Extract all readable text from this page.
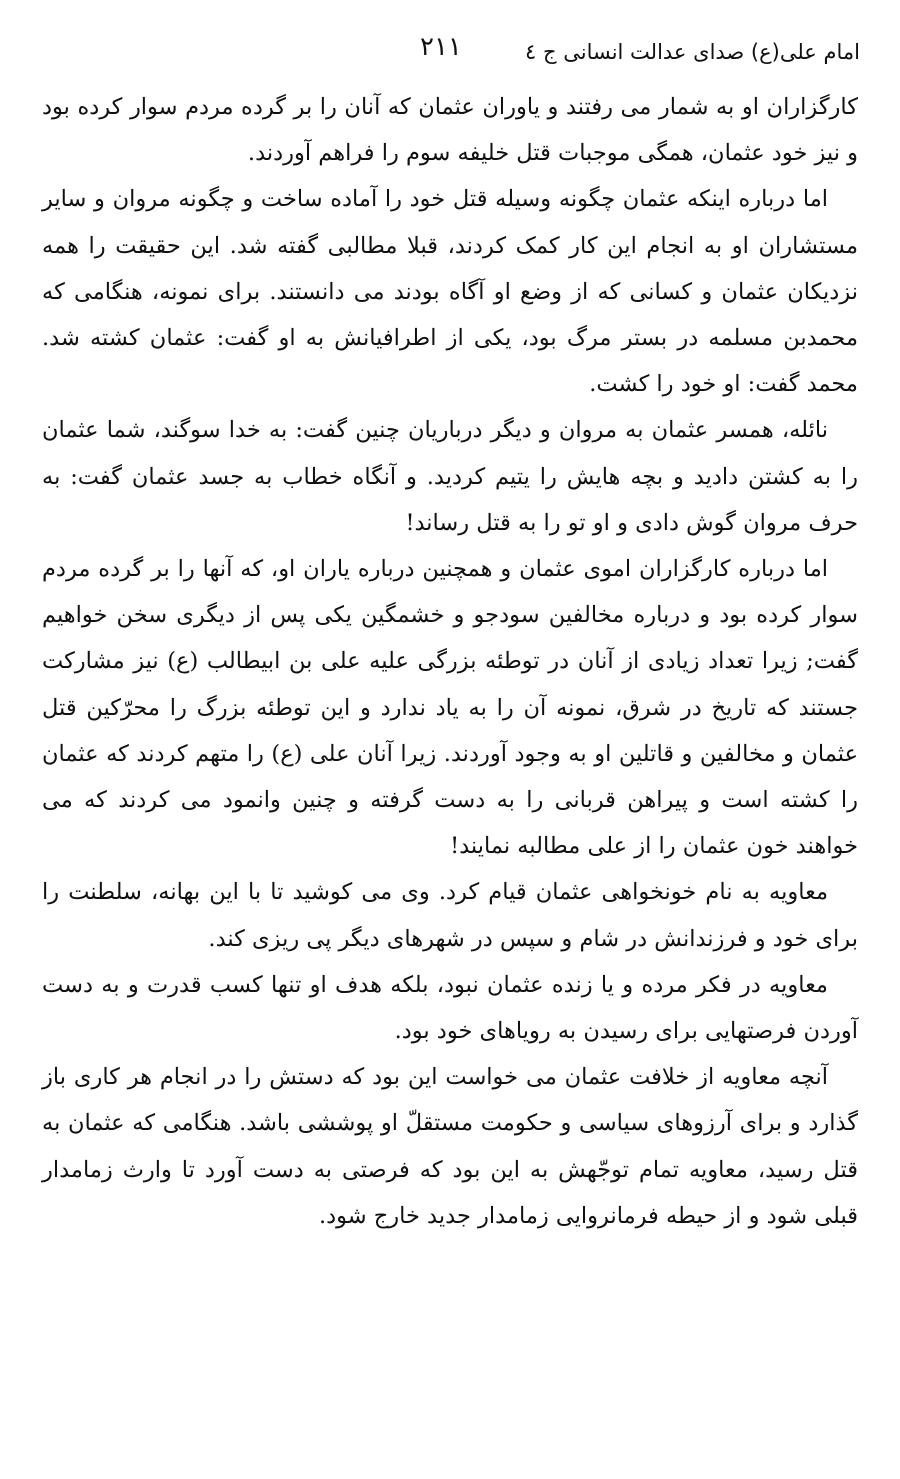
امام علی(ع) صدای عدالت انسانی ج ٤
٢١١

کارگزاران او به شمار می رفتند و یاوران عثمان که آنان را بر گرده مردم سوار کرده بود و نیز خود عثمان، همگی موجبات قتل خلیفه سوم را فراهم آوردند.

اما درباره اینکه عثمان چگونه وسیله قتل خود را آماده ساخت و چگونه مروان و سایر مستشاران او به انجام این کار کمک کردند، قبلا مطالبی گفته شد. این حقیقت را همه نزدیکان عثمان و کسانی که از وضع او آگاه بودند می دانستند. برای نمونه، هنگامی که محمدبن مسلمه در بستر مرگ بود، یکی از اطرافیانش به او گفت: عثمان کشته شد. محمد گفت: او خود را کشت.

نائله، همسر عثمان به مروان و دیگر درباریان چنین گفت: به خدا سوگند، شما عثمان را به کشتن دادید و بچه هایش را یتیم کردید. و آنگاه خطاب به جسد عثمان گفت: به حرف مروان گوش دادی و او تو را به قتل رساند!

اما درباره کارگزاران اموی عثمان و همچنین درباره یاران او، که آنها را بر گرده مردم سوار کرده بود و درباره مخالفین سودجو و خشمگین یکی پس از دیگری سخن خواهیم گفت; زیرا تعداد زیادی از آنان در توطئه بزرگی علیه علی بن ابیطالب (ع) نیز مشارکت جستند که تاریخ در شرق، نمونه آن را به یاد ندارد و این توطئه بزرگ را محرّکین قتل عثمان و مخالفین و قاتلین او به وجود آوردند. زیرا آنان علی (ع) را متهم کردند که عثمان را کشته است و پیراهن قربانی را به دست گرفته و چنین وانمود می کردند که می خواهند خون عثمان را از علی مطالبه نمایند!

معاویه به نام خونخواهی عثمان قیام کرد. وی می کوشید تا با این بهانه، سلطنت را برای خود و فرزندانش در شام و سپس در شهرهای دیگر پی ریزی کند.

معاویه در فکر مرده و یا زنده عثمان نبود، بلکه هدف او تنها کسب قدرت و به دست آوردن فرصتهایی برای رسیدن به رویاهای خود بود.

آنچه معاویه از خلافت عثمان می خواست این بود که دستش را در انجام هر کاری باز گذارد و برای آرزوهای سیاسی و حکومت مستقلّ او پوششی باشد. هنگامی که عثمان به قتل رسید، معاویه تمام توجّهش به این بود که فرصتی به دست آورد تا وارث زمامدار قبلی شود و از حیطه فرمانروایی زمامدار جدید خارج شود.
